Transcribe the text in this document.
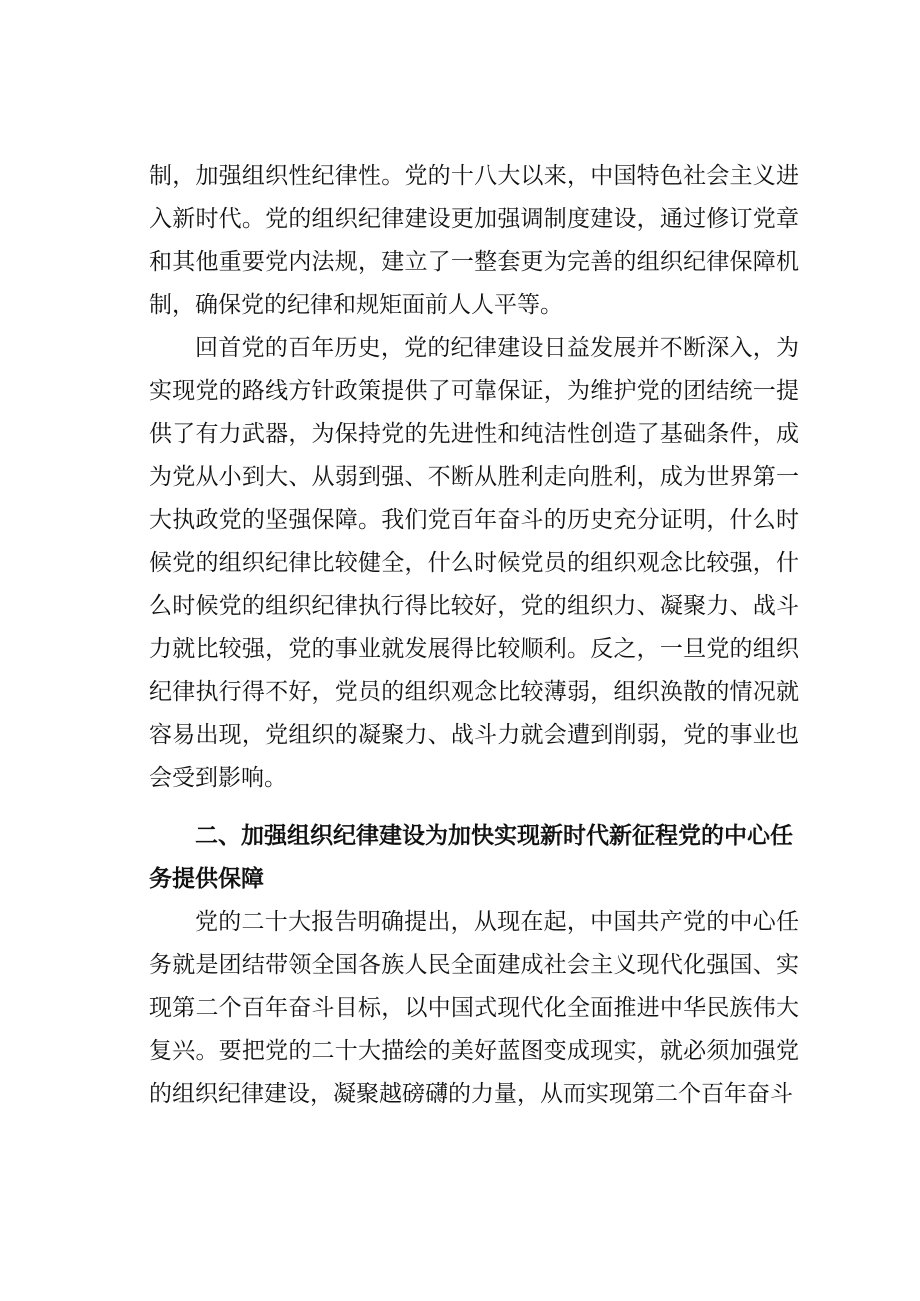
制，加强组织性纪律性。党的十八大以来，中国特色社会主义进入新时代。党的组织纪律建设更加强调制度建设，通过修订党章和其他重要党内法规，建立了一整套更为完善的组织纪律保障机制，确保党的纪律和规矩面前人人平等。

回首党的百年历史，党的纪律建设日益发展并不断深入，为实现党的路线方针政策提供了可靠保证，为维护党的团结统一提供了有力武器，为保持党的先进性和纯洁性创造了基础条件，成为党从小到大、从弱到强、不断从胜利走向胜利，成为世界第一大执政党的坚强保障。我们党百年奋斗的历史充分证明，什么时候党的组织纪律比较健全，什么时候党员的组织观念比较强，什么时候党的组织纪律执行得比较好，党的组织力、凝聚力、战斗力就比较强，党的事业就发展得比较顺利。反之，一旦党的组织纪律执行得不好，党员的组织观念比较薄弱，组织涣散的情况就容易出现，党组织的凝聚力、战斗力就会遭到削弱，党的事业也会受到影响。

二、加强组织纪律建设为加快实现新时代新征程党的中心任务提供保障

党的二十大报告明确提出，从现在起，中国共产党的中心任务就是团结带领全国各族人民全面建成社会主义现代化强国、实现第二个百年奋斗目标，以中国式现代化全面推进中华民族伟大复兴。要把党的二十大描绘的美好蓝图变成现实，就必须加强党的组织纪律建设，凝聚越磅礴的力量，从而实现第二个百年奋斗
